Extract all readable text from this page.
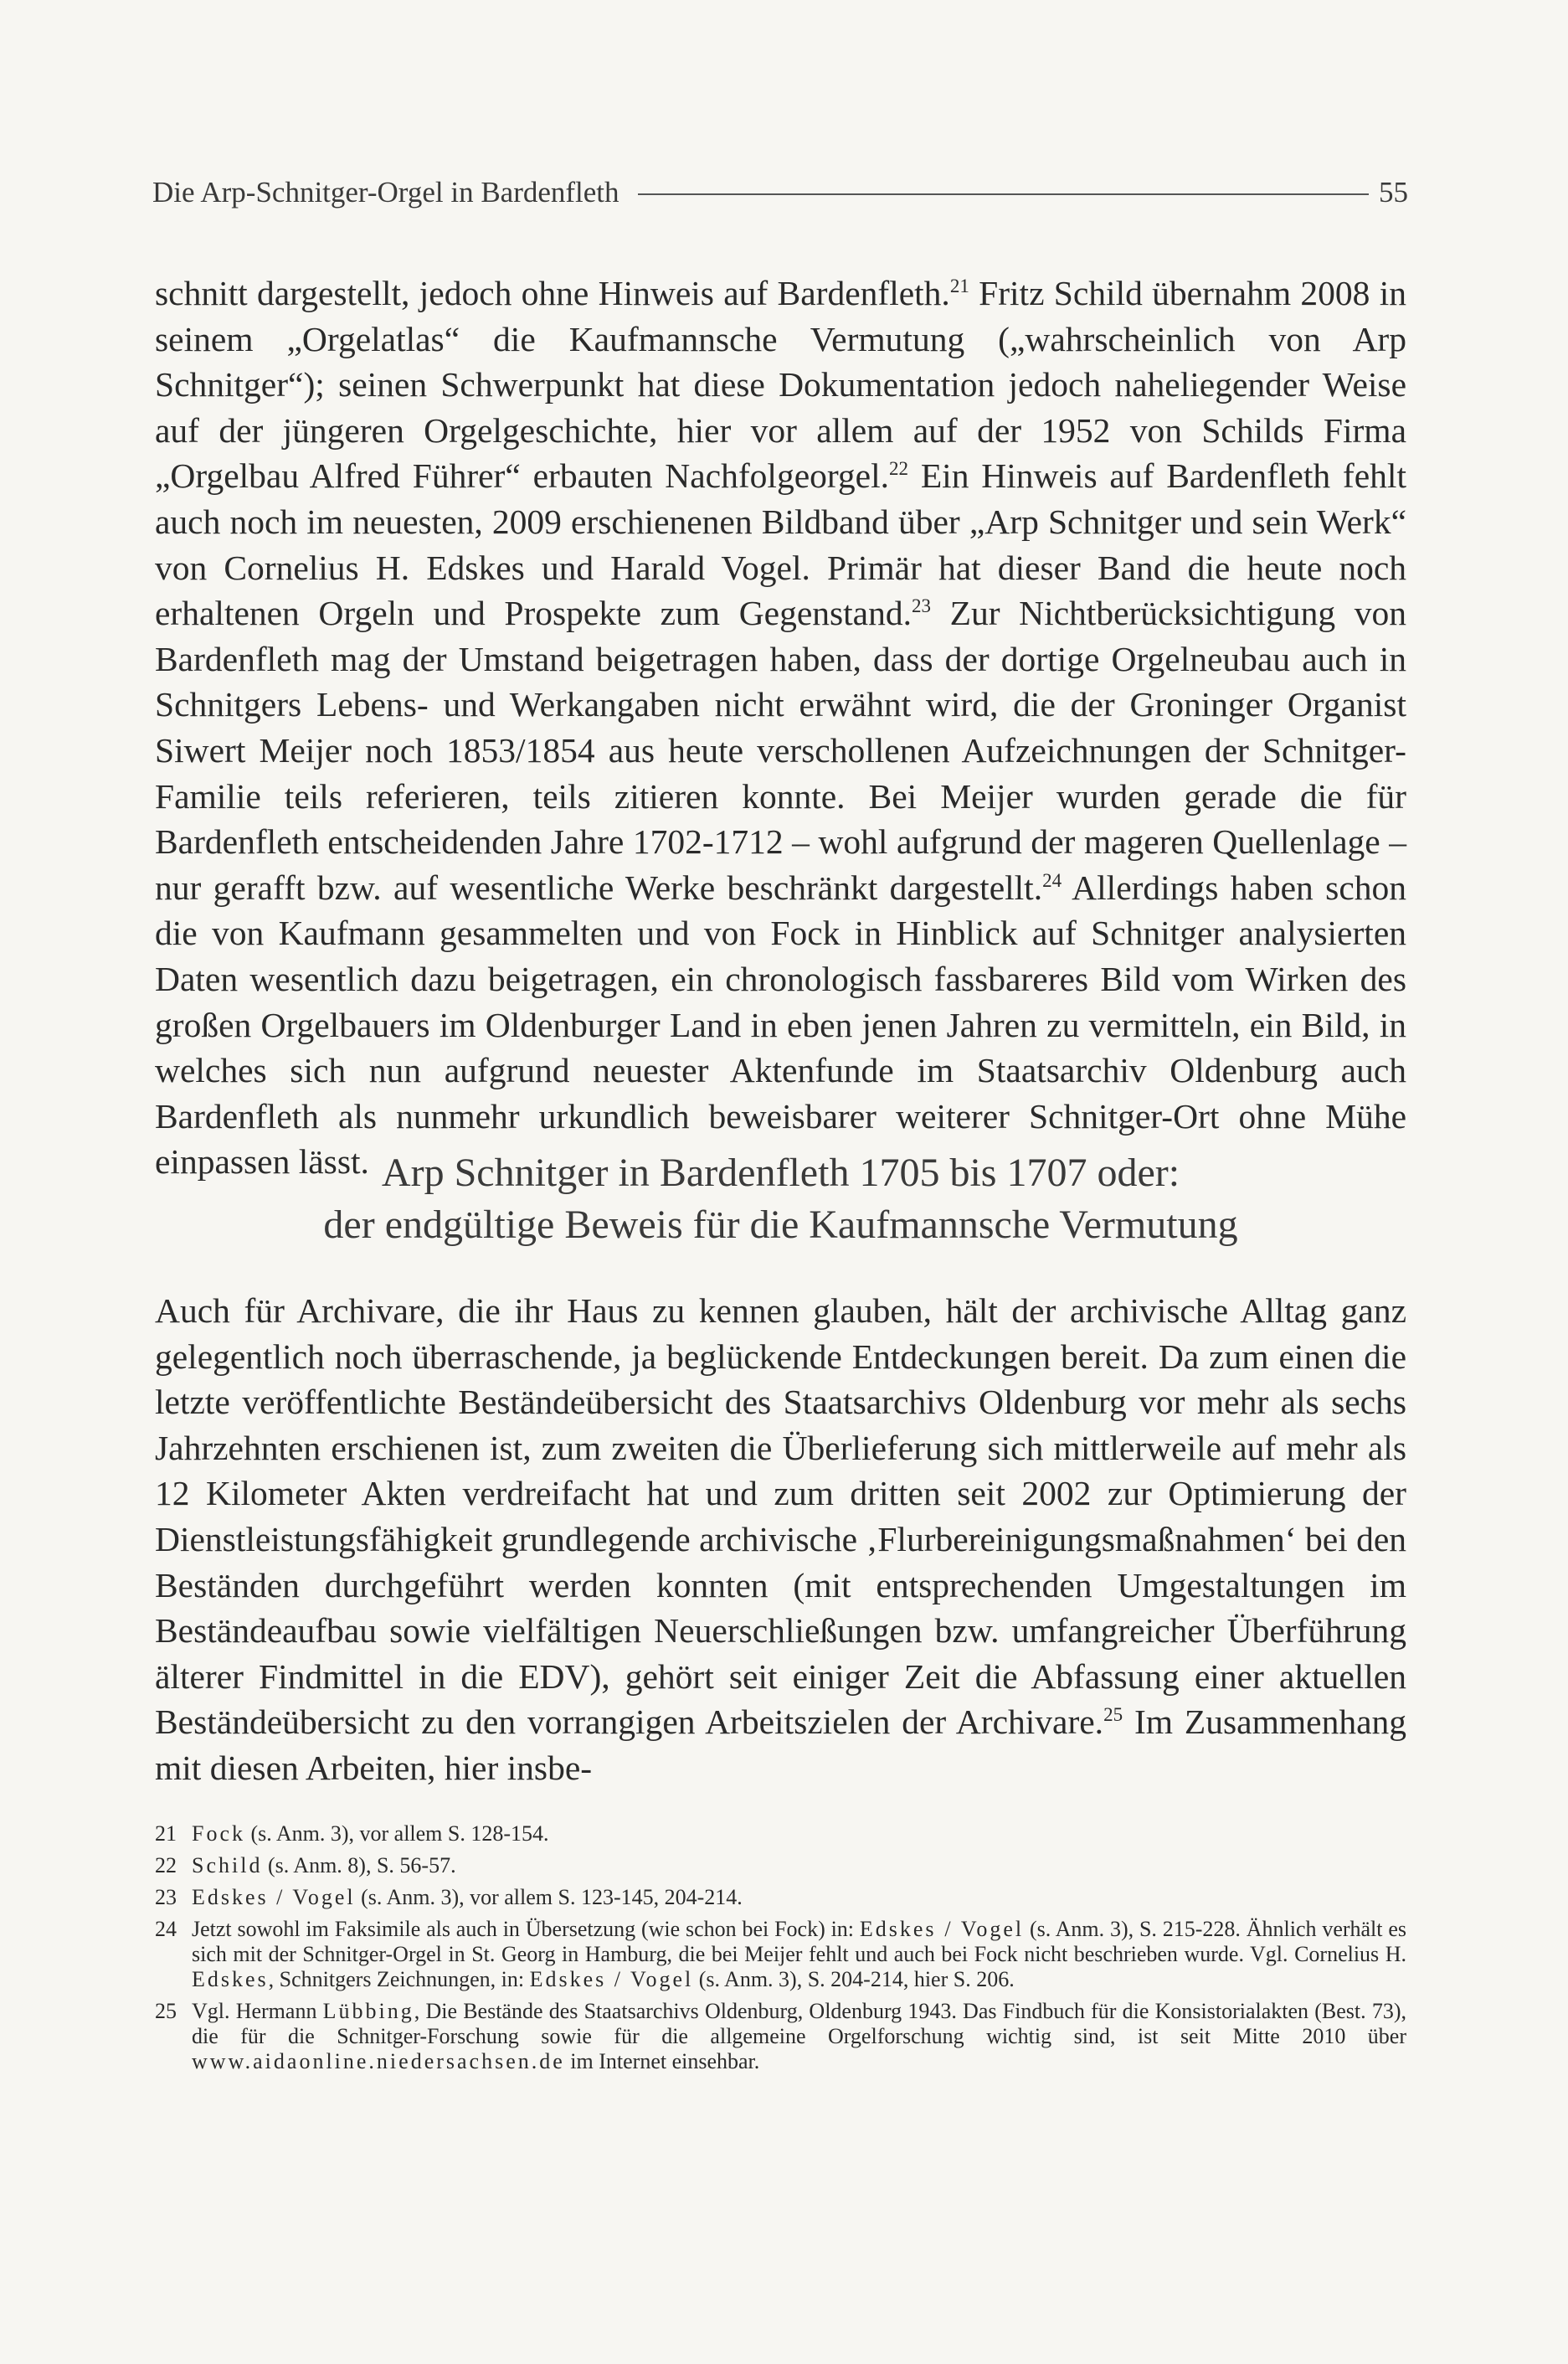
Die Arp-Schnitger-Orgel in Bardenfleth	55

schnitt dargestellt, jedoch ohne Hinweis auf Bardenfleth.$^{21}$ Fritz Schild übernahm 2008 in seinem „Orgelatlas“ die Kaufmannsche Vermutung („wahrscheinlich von Arp Schnitger“); seinen Schwerpunkt hat diese Dokumentation jedoch naheliegender Weise auf der jüngeren Orgelgeschichte, hier vor allem auf der 1952 von Schilds Firma „Orgelbau Alfred Führer“ erbauten Nachfolgeorgel.$^{22}$ Ein Hinweis auf Bardenfleth fehlt auch noch im neuesten, 2009 erschienenen Bildband über „Arp Schnitger und sein Werk“ von Cornelius H. Edskes und Harald Vogel. Primär hat dieser Band die heute noch erhaltenen Orgeln und Prospekte zum Gegenstand.$^{23}$ Zur Nichtberücksichtigung von Bardenfleth mag der Umstand beigetragen haben, dass der dortige Orgelneubau auch in Schnitgers Lebens- und Werkangaben nicht erwähnt wird, die der Groninger Organist Siwert Meijer noch 1853/1854 aus heute verschollenen Aufzeichnungen der Schnitger-Familie teils referieren, teils zitieren konnte. Bei Meijer wurden gerade die für Bardenfleth entscheidenden Jahre 1702-1712 – wohl aufgrund der mageren Quellenlage – nur gerafft bzw. auf wesentliche Werke beschränkt dargestellt.$^{24}$ Allerdings haben schon die von Kaufmann gesammelten und von Fock in Hinblick auf Schnitger analysierten Daten wesentlich dazu beigetragen, ein chronologisch fassbareres Bild vom Wirken des großen Orgelbauers im Oldenburger Land in eben jenen Jahren zu vermitteln, ein Bild, in welches sich nun aufgrund neuester Aktenfunde im Staatsarchiv Oldenburg auch Bardenfleth als nunmehr urkundlich beweisbarer weiterer Schnitger-Ort ohne Mühe einpassen lässt. Arp Schnitger in Bardenfleth 1705 bis 1707 oder:
der endgültige Beweis für die Kaufmannsche Vermutung

Auch für Archivare, die ihr Haus zu kennen glauben, hält der archivische Alltag ganz gelegentlich noch überraschende, ja beglückende Entdeckungen bereit. Da zum einen die letzte veröffentlichte Beständeübersicht des Staatsarchivs Oldenburg vor mehr als sechs Jahrzehnten erschienen ist, zum zweiten die Überlieferung sich mittlerweile auf mehr als 12 Kilometer Akten verdreifacht hat und zum dritten seit 2002 zur Optimierung der Dienstleistungsfähigkeit grundlegende archivische ‚Flurbereinigungsmaßnahmen‘ bei den Beständen durchgeführt werden konnten (mit entsprechenden Umgestaltungen im Beständeaufbau sowie vielfältigen Neuerschließungen bzw. umfangreicher Überführung älterer Findmittel in die EDV), gehört seit einiger Zeit die Abfassung einer aktuellen Beständeübersicht zu den vorrangigen Arbeitszielen der Archivare.$^{25}$ Im Zusammenhang mit diesen Arbeiten, hier insbe-

21 Fock (s. Anm. 3), vor allem S. 128-154.
22 Schild (s. Anm. 8), S. 56-57.
23 Edskes / Vogel (s. Anm. 3), vor allem S. 123-145, 204-214.
24 Jetzt sowohl im Faksimile als auch in Übersetzung (wie schon bei Fock) in: Edskes / Vogel (s. Anm. 3), S. 215-228. Ähnlich verhält es sich mit der Schnitger-Orgel in St. Georg in Hamburg, die bei Meijer fehlt und auch bei Fock nicht beschrieben wurde. Vgl. Cornelius H. Edskes, Schnitgers Zeichnungen, in: Edskes / Vogel (s. Anm. 3), S. 204-214, hier S. 206.
25 Vgl. Hermann Lübbing, Die Bestände des Staatsarchivs Oldenburg, Oldenburg 1943. Das Findbuch für die Konsistorialakten (Best. 73), die für die Schnitger-Forschung sowie für die allgemeine Orgelforschung wichtig sind, ist seit Mitte 2010 über www.aidaonline.niedersachsen.de im Internet einsehbar.
